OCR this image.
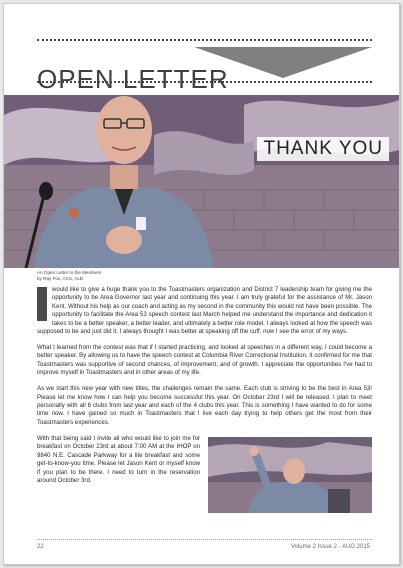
OPEN LETTER
THANK YOU
An Open Letter to the Members
by Ray Fox, ACS, ALB

would like to give a huge thank you to the Toastmasters organization and District 7 leadership team for giving me the opportunity to be Area Governor last year and continuing this year. I am truly grateful for the assistance of Mr. Jason Kent. Without his help as our coach and acting as my second in the community this would not have been possible. The opportunity to facilitate the Area 53 speech contest last March helped me understand the importance and dedication it takes to be a better speaker, a better leader, and ultimately a better role model. I always looked at how the speech was supposed to be and just did it. I always thought I was better at speaking off the cuff, now I see the error of my ways.

What I learned from the contest was that if I started practicing, and looked at speeches in a different way, I could become a better speaker. By allowing us to have the speech contest at Columbia River Correctional Institution, it confirmed for me that Toastmasters was supportive of second chances, of improvement, and of growth. I appreciate the opportunities I've had to improve myself in Toastmasters and in other areas of my life.

As we start this new year with new titles, the challenges remain the same. Each club is striving to be the best in Area 53! Please let me know how I can help you become successful this year. On October 23rd I will be released. I plan to meet personally with all 6 clubs from last year and each of the 4 clubs this year. This is something I have wanted to do for some time now. I have gained so much in Toastmasters that I live each day trying to help others get the most from their Toastmasters experiences.

With that being said I invite all who would like to join me for breakfast on October 23rd at about 7:00 AM at the IHOP on 9840 N.E. Cascade Parkway for a lite breakfast and some get-to-know-you time. Please let Jason Kent or myself know if you plan to be there. I need to turn in the reservation around October 3rd.

22	Volume 2 Issue 2 - AUG 2015
